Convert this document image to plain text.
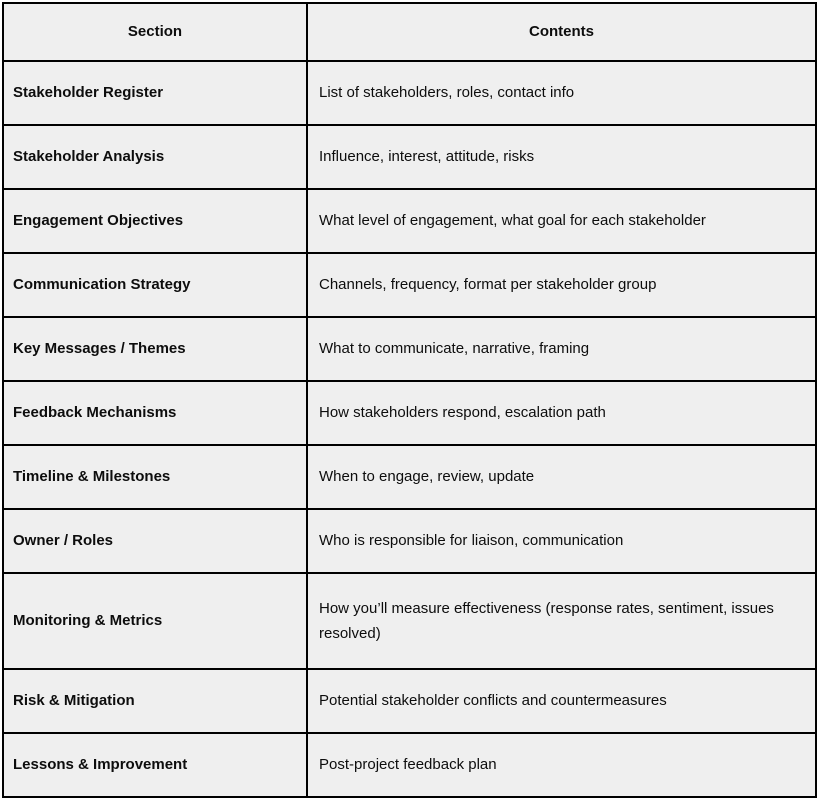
Section	Contents
Stakeholder Register	List of stakeholders, roles, contact info
Stakeholder Analysis	Influence, interest, attitude, risks
Engagement Objectives	What level of engagement, what goal for each stakeholder
Communication Strategy	Channels, frequency, format per stakeholder group
Key Messages / Themes	What to communicate, narrative, framing
Feedback Mechanisms	How stakeholders respond, escalation path
Timeline & Milestones	When to engage, review, update
Owner / Roles	Who is responsible for liaison, communication
Monitoring & Metrics	How you’ll measure effectiveness (response rates, sentiment, issues resolved)
Risk & Mitigation	Potential stakeholder conflicts and countermeasures
Lessons & Improvement	Post-project feedback plan
